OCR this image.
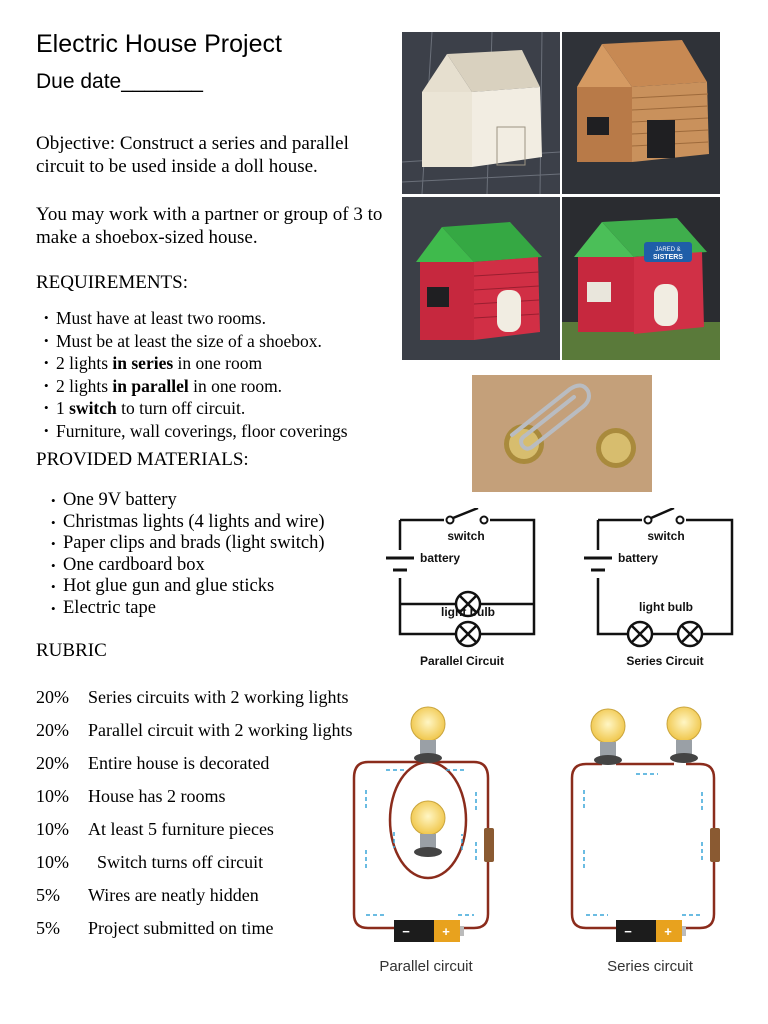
Electric House Project
Due date_______
Objective: Construct a series and parallel circuit to be used inside a doll house.
You may work with a partner or group of 3 to make a shoebox-sized house.
REQUIREMENTS:
• Must have at least two rooms.
• Must be at least the size of a shoebox.
• 2 lights in series in one room
• 2 lights in parallel in one room.
• 1 switch to turn off circuit.
• Furniture, wall coverings, floor coverings
PROVIDED MATERIALS:
• One 9V battery
• Christmas lights (4 lights and wire)
• Paper clips and brads (light switch)
• One cardboard box
• Hot glue gun and glue sticks
• Electric tape
RUBRIC
20% Series circuits with 2 working lights
20% Parallel circuit with 2 working lights
20% Entire house is decorated
10% House has 2 rooms
10% At least 5 furniture pieces
10% Switch turns off circuit
5% Wires are neatly hidden
5% Project submitted on time
JARED &
SISTERS
switch
battery
light bulb
Parallel Circuit
switch
battery
light bulb
Series Circuit
− +
Parallel circuit
− +
Series circuit
